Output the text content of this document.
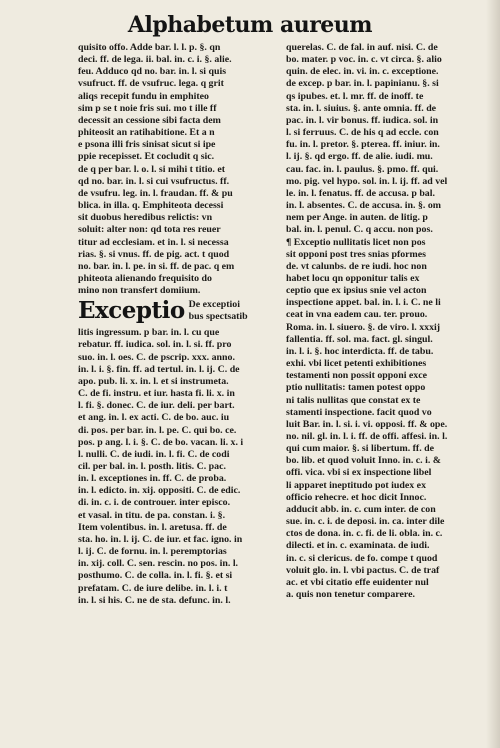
Alphabetum aureum
quisito offo. Adde bar. l. l. p. §. qn
deci. ff. de lega. ii. bal. in. c. i. §. alie.
feu. Adduco qd no. bar. in. l. si quis
vsufruct. ff. de vsufruc. lega. q grit
aliqs recepit fundu in emphiteo
sim p se t noie fris sui. mo t ille ff
decessit an cessione sibi facta dem
phiteosit an ratihabitione. Et a n
e psona illi fris sinisat sicut si ipe
ppie recepisset. Et cocludit q sic.
de q per bar. l. o. l. si mihi t titio. et
qd no. bar. in. l. si cui vsufructus. ff.
de vsufru. leg. in. l. fraudan. ff. & pu
blica. in illa. q. Emphiteota decessi
sit duobus heredibus relictis: vn
soluit: alter non: qd tota res reuer
titur ad ecclesiam. et in. l. si necessa
rias. §. si vnus. ff. de pig. act. t quod
no. bar. in. l. pe. in si. ff. de pac. q em
phiteota alienando frequisito do
mino non transfert domiium.
Exceptio De exceptioi
bus spectsatib
litis ingressum. p bar. in. l. cu que
rebatur. ff. iudica. sol. in. l. si. ff. pro
suo. in. l. oes. C. de pscrip. xxx. anno.
in. l. i. §. fin. ff. ad tertul. in. l. ij. C. de
apo. pub. li. x. in. l. et si instrumeta.
C. de fi. instru. et iur. hasta fi. li. x. in
l. fi. §. donec. C. de iur. deli. per bart.
et ang. in. l. ex acti. C. de bo. auc. iu
di. pos. per bar. in. l. pe. C. qui bo. ce.
pos. p ang. l. i. §. C. de bo. vacan. li. x. i
l. nulli. C. de iudi. in. l. fi. C. de codi
cil. per bal. in. l. posth. litis. C. pac.
in. l. exceptiones in. ff. C. de proba.
in. l. edicto. in. xij. oppositi. C. de edic.
di. in. c. i. de controuer. inter episco.
et vasal. in titu. de pa. constan. i. §.
Item volentibus. in. l. aretusa. ff. de
sta. ho. in. l. ij. C. de iur. et fac. igno. in
l. ij. C. de fornu. in. l. peremptorias
in. xij. coll. C. sen. rescin. no pos. in. l.
posthumo. C. de colla. in. l. fi. §. et si
prefatam. C. de iure delibe. in. l. i. t
in. l. si his. C. ne de sta. defunc. in. l.
querelas. C. de fal. in auf. nisi. C. de
bo. mater. p voc. in. c. vt circa. §. alio
quin. de elec. in. vi. in. c. exceptione.
de excep. p bar. in. l. papinianu. §. si
qs ipubes. et. l. mr. ff. de inoff. te
sta. in. l. siuius. §. ante omnia. ff. de
pac. in. l. vir bonus. ff. iudica. sol. in
l. si ferruus. C. de his q ad eccle. con
fu. in. l. pretor. §. pterea. ff. iniur. in.
l. ij. §. qd ergo. ff. de alie. iudi. mu.
cau. fac. in. l. paulus. §. pmo. ff. qui.
mo. pig. vel hypo. sol. in. l. ij. ff. ad vel
le. in. l. fenatus. ff. de accusa. p bal.
in. l. absentes. C. de accusa. in. §. om
nem per Ange. in auten. de litig. p
bal. in. l. penul. C. q accu. non pos.
¶ Exceptio nullitatis licet non pos
sit opponi post tres snias pformes
de. vt calunbs. de re iudi. hoc non
habet locu qn opponitur talis ex
ceptio que ex ipsius snie vel acton
inspectione appet. bal. in. l. i. C. ne li
ceat in vna eadem cau. ter. prouo.
Roma. in. l. siuero. §. de viro. l. xxxij
fallentia. ff. sol. ma. fact. gl. singul.
in. l. i. §. hoc interdicta. ff. de tabu.
exhi. vbi licet petenti exhibitiones
testamenti non possit opponi exce
ptio nullitatis: tamen potest oppo
ni talis nullitas que constat ex te
stamenti inspectione. facit quod vo
luit Bar. in. l. si. i. vi. opposi. ff. & ope.
no. nil. gl. in. l. i. ff. de offi. affesi. in. l.
qui cum maior. §. si libertum. ff. de
bo. lib. et quod voluit Inno. in. c. i. &
offi. vica. vbi si ex inspectione libel
li apparet ineptitudo pot iudex ex
officio rehecre. et hoc dicit Innoc.
adducit abb. in. c. cum inter. de con
sue. in. c. i. de deposi. in. ca. inter dile
ctos de dona. in. c. fi. de li. obla. in. c.
dilecti. et in. c. examinata. de iudi.
in. c. si clericus. de fo. compe t quod
voluit glo. in. l. vbi pactus. C. de traf
ac. et vbi citatio effe euidenter nul
a. quis non tenetur comparere.
